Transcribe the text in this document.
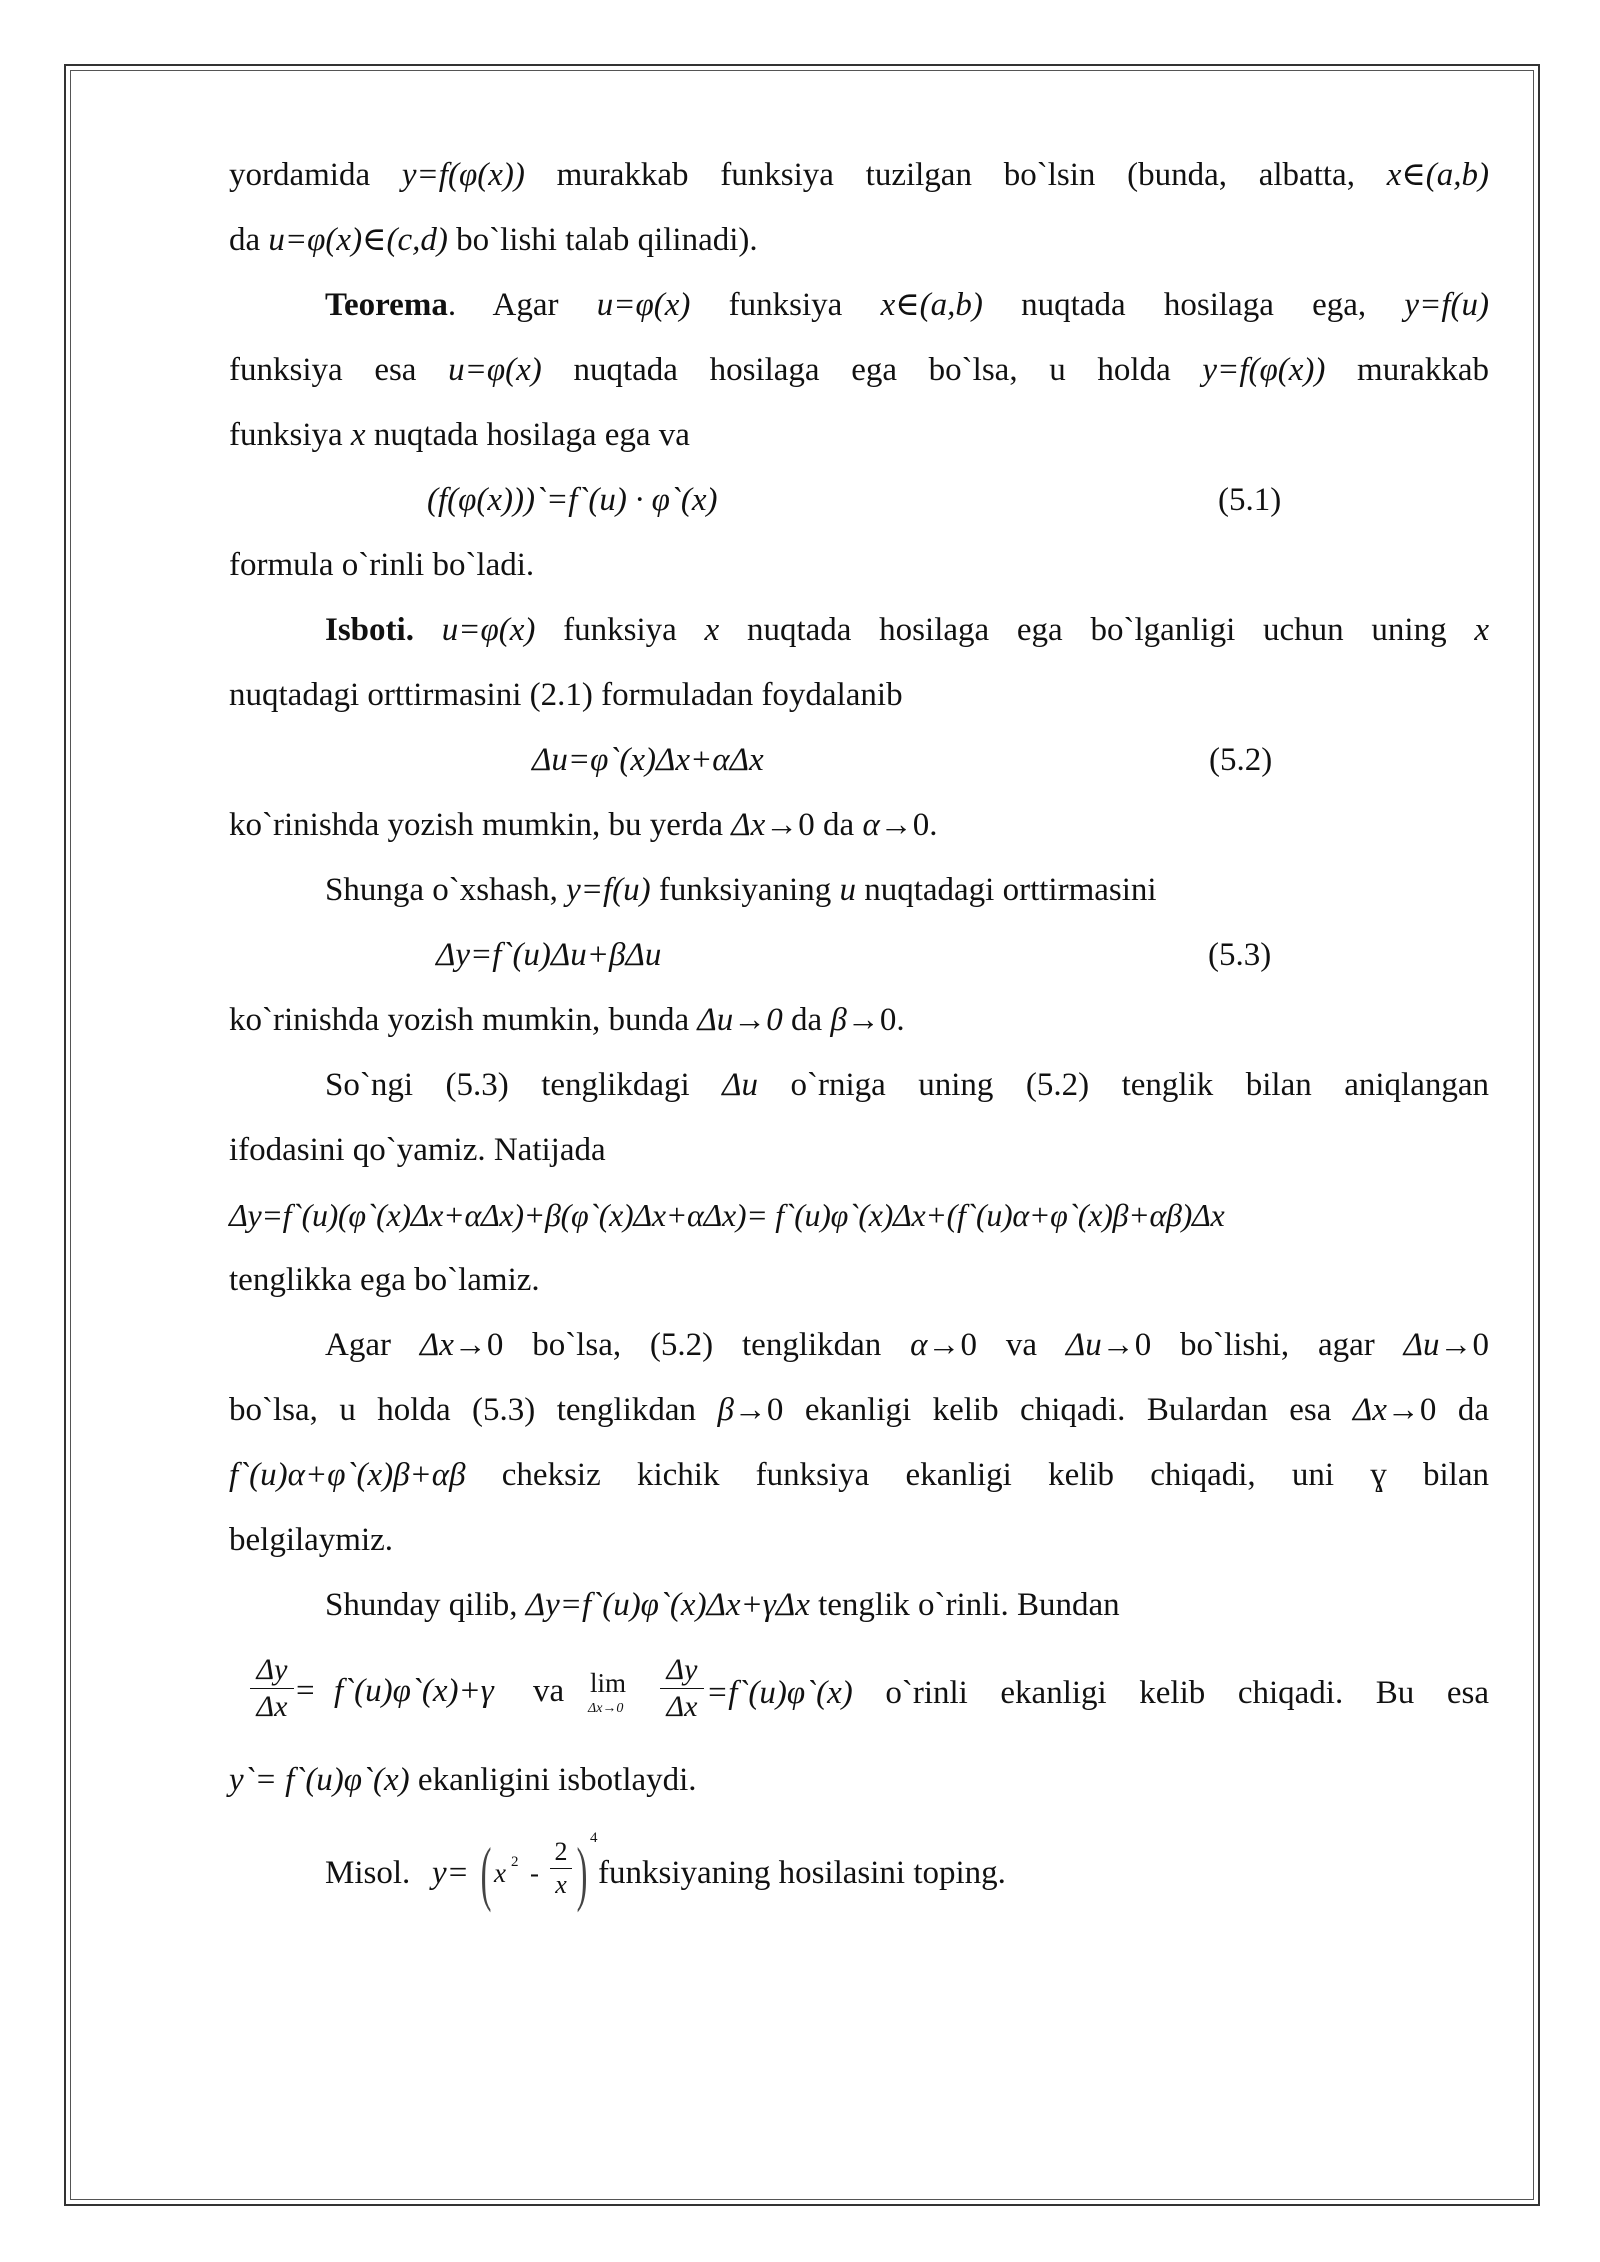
yordamida y=f(φ(x)) murakkab funksiya tuzilgan bo`lsin (bunda, albatta, x∈(a,b)
da u=φ(x)∈(c,d) bo`lishi talab qilinadi).
Teorema. Agar u=φ(x) funksiya x∈(a,b) nuqtada hosilaga ega, y=f(u)
funksiya esa u=φ(x) nuqtada hosilaga ega bo`lsa, u holda y=f(φ(x)) murakkab
funksiya x nuqtada hosilaga ega va
(f(φ(x)))`=f`(u) · φ`(x)	(5.1)
formula o`rinli bo`ladi.
Isboti. u=φ(x) funksiya x nuqtada hosilaga ega bo`lganligi uchun uning x
nuqtadagi orttirmasini (2.1) formuladan foydalanib
Δu=φ`(x)Δx+αΔx	(5.2)
ko`rinishda yozish mumkin, bu yerda Δx→0 da α→0.
Shunga o`xshash, y=f(u) funksiyaning u nuqtadagi orttirmasini
Δy=f`(u)Δu+βΔu	(5.3)
ko`rinishda yozish mumkin, bunda Δu→0 da β→0.
So`ngi (5.3) tenglikdagi Δu o`rniga uning (5.2) tenglik bilan aniqlangan
ifodasini qo`yamiz. Natijada
Δy=f`(u)(φ`(x)Δx+αΔx)+β(φ`(x)Δx+αΔx)= f`(u)φ`(x)Δx+(f`(u)α+φ`(x)β+αβ)Δx
tenglikka ega bo`lamiz.
Agar Δx→0 bo`lsa, (5.2) tenglikdan α→0 va Δu→0 bo`lishi, agar Δu→0
bo`lsa, u holda (5.3) tenglikdan β→0 ekanligi kelib chiqadi. Bulardan esa Δx→0 da
f`(u)α+φ`(x)β+αβ cheksiz kichik funksiya ekanligi kelib chiqadi, uni ɣ bilan
belgilaymiz.
Shunday qilib, Δy=f`(u)φ`(x)Δx+γΔx tenglik o`rinli. Bundan
$\frac{\Delta y}{\Delta x}$ = f`(u)φ`(x)+γ va lim
$\Delta x\to 0 \frac{\Delta y}{\Delta x}$ =f`(u)φ`(x) o`rinli ekanligi kelib chiqadi. Bu esa
y`= f`(u)φ`(x) ekanligini isbotlaydi.
Misol. y= ( x $2 - \frac{2}{x}$ ) 4
funksiyaning hosilasini toping.
